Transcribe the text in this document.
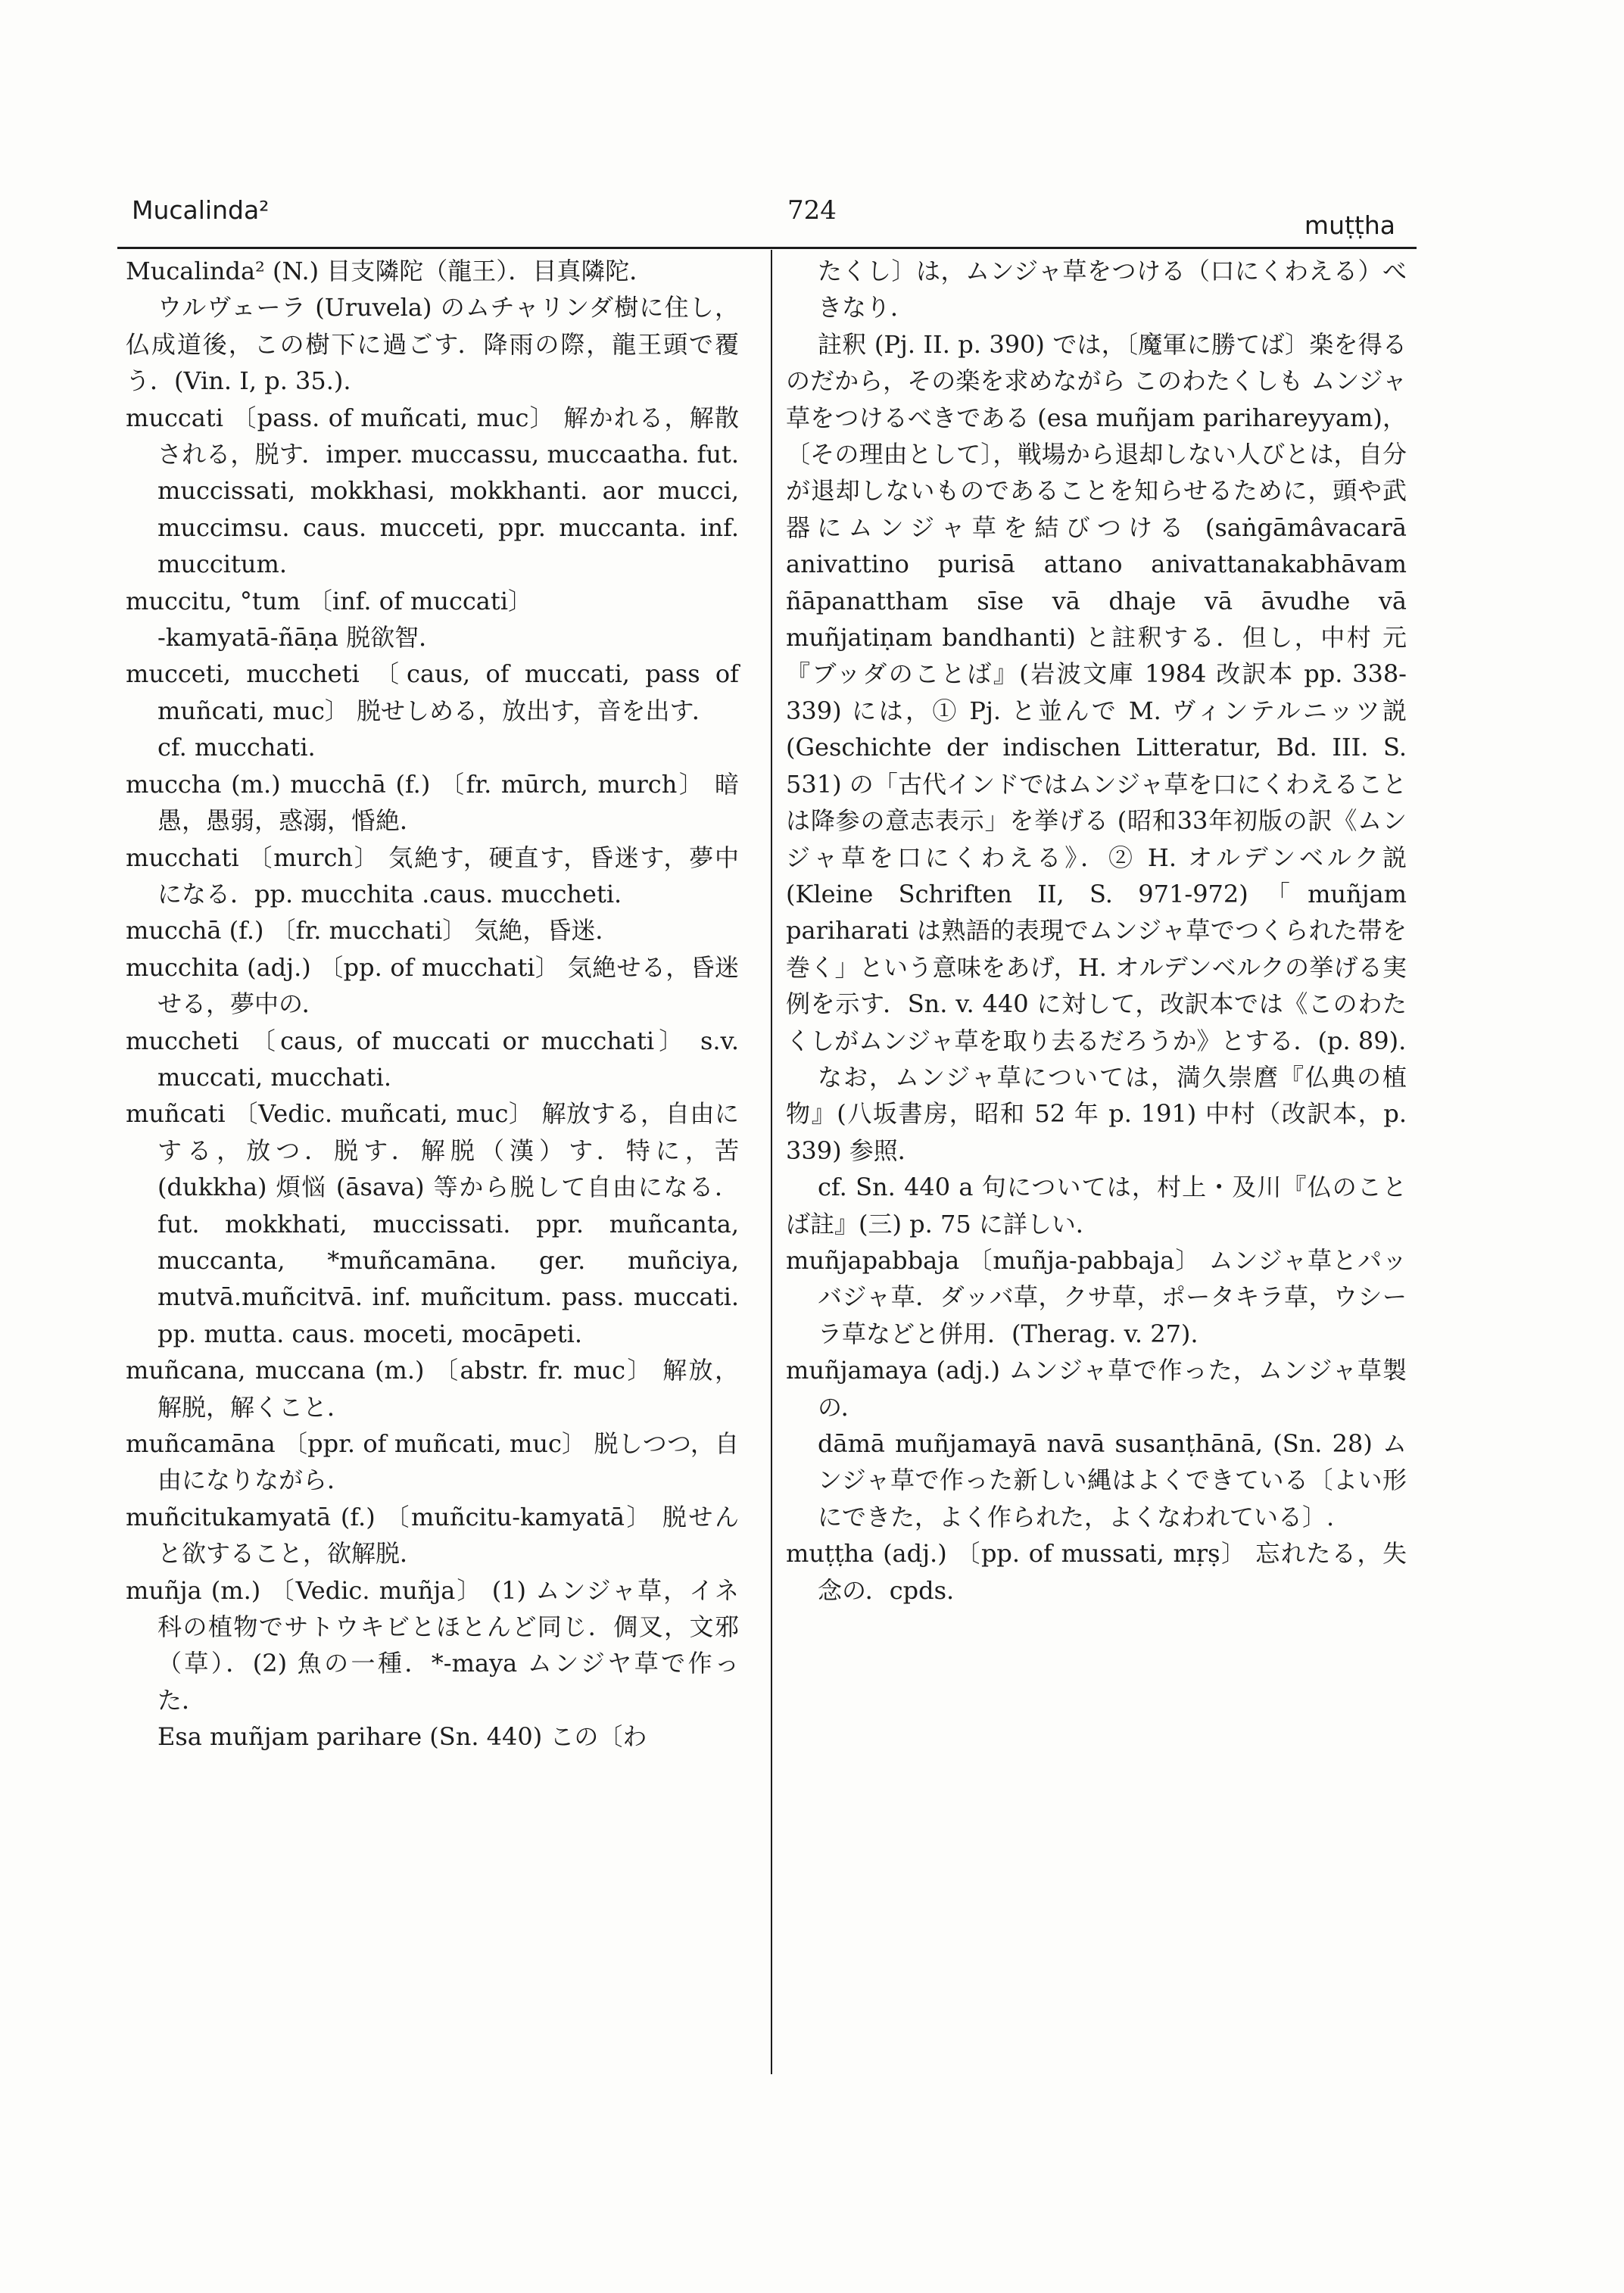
Mucalinda²	724	muṭṭha

Mucalinda² (N.) 目支隣陀（龍王）．目真隣陀．

ウルヴェーラ (Uruvela) のムチャリンダ樹に住し，仏成道後，この樹下に過ごす．降雨の際，龍王頭で覆う．(Vin. I, p. 35.).

muccati 〔pass. of muñcati, muc〕 解かれる，解散される，脱す．imper. muccassu, muccaatha. fut. muccissati, mokkhasi, mokkhanti. aor mucci, muccimsu. caus. mucceti, ppr. muccanta. inf. muccitum.

muccitu, °tum 〔inf. of muccati〕

-kamyatā-ñāṇa 脱欲智．

mucceti, muccheti 〔caus, of muccati, pass of muñcati, muc〕 脱せしめる，放出す，音を出す．

cf. mucchati.

muccha (m.) mucchā (f.) 〔fr. mūrch, murch〕 暗愚，愚弱，惑溺，惛絶．

mucchati 〔murch〕 気絶す，硬直す，昏迷す，夢中になる．pp. mucchita .caus. muccheti.

mucchā (f.) 〔fr. mucchati〕 気絶，昏迷．

mucchita (adj.) 〔pp. of mucchati〕 気絶せる，昏迷せる，夢中の．

muccheti 〔caus, of muccati or mucchati〕 s.v. muccati, mucchati.

muñcati 〔Vedic. muñcati, muc〕 解放する，自由にする，放つ．脱す．解脱（漢）す．特に，苦 (dukkha) 煩悩 (āsava) 等から脱して自由になる．fut. mokkhati, muccissati. ppr. muñcanta, muccanta, *muñcamāna. ger. muñciya, mutvā.muñcitvā. inf. muñcitum. pass. muccati. pp. mutta. caus. moceti, mocāpeti.

muñcana, muccana (m.) 〔abstr. fr. muc〕 解放，解脱，解くこと．

muñcamāna 〔ppr. of muñcati, muc〕 脱しつつ，自由になりながら．

muñcitukamyatā (f.) 〔muñcitu-kamyatā〕 脱せんと欲すること，欲解脱．

muñja (m.) 〔Vedic. muñja〕 (1) ムンジャ草，イネ科の植物でサトウキビとほとんど同じ．倜叉，文邪（草）．(2) 魚の一種．*-maya ムンジヤ草で作った．

Esa muñjam parihare (Sn. 440) この〔わ

たくし〕は，ムンジャ草をつける（口にくわえる）べきなり．

註釈 (Pj. II. p. 390) では，〔魔軍に勝てば〕楽を得るのだから，その楽を求めながら このわたくしも ムンジャ草をつけるべきである (esa muñjam parihareyyam)，〔その理由として〕，戦場から退却しない人びとは，自分が退却しないものであることを知らせるために，頭や武器にムンジャ草を結びつける (saṅgāmâvacarā anivattino purisā attano anivattanakabhāvam ñāpanattham sīse vā dhaje vā āvudhe vā muñjatiṇam bandhanti) と註釈する．但し，中村 元『ブッダのことば』(岩波文庫 1984 改訳本 pp. 338-339) には，① Pj. と並んで M. ヴィンテルニッツ説 (Geschichte der indischen Litteratur, Bd. III. S. 531) の「古代インドではムンジャ草を口にくわえることは降参の意志表示」を挙げる (昭和33年初版の訳《ムンジャ草を口にくわえる》．② H. オルデンベルク説 (Kleine Schriften II, S. 971-972)「muñjam pariharati は熟語的表現でムンジャ草でつくられた帯を巻く」という意味をあげ，H. オルデンベルクの挙げる実例を示す．Sn. v. 440 に対して，改訳本では《このわたくしがムンジャ草を取り去るだろうか》とする．(p. 89).

なお，ムンジャ草については，満久崇麿『仏典の植物』(八坂書房，昭和 52 年 p. 191) 中村（改訳本，p. 339) 参照．

cf. Sn. 440 a 句については，村上・及川『仏のことば註』(三) p. 75 に詳しい．

muñjapabbaja 〔muñja-pabbaja〕 ムンジャ草とパッバジャ草．ダッバ草，クサ草，ポータキラ草，ウシーラ草などと併用．(Therag. v. 27).

muñjamaya (adj.) ムンジャ草で作った，ムンジャ草製の．

dāmā muñjamayā navā susanṭhānā, (Sn. 28) ムンジャ草で作った新しい縄はよくできている〔よい形にできた，よく作られた，よくなわれている〕.

muṭṭha (adj.) 〔pp. of mussati, mṛṣ〕 忘れたる，失念の．cpds.
